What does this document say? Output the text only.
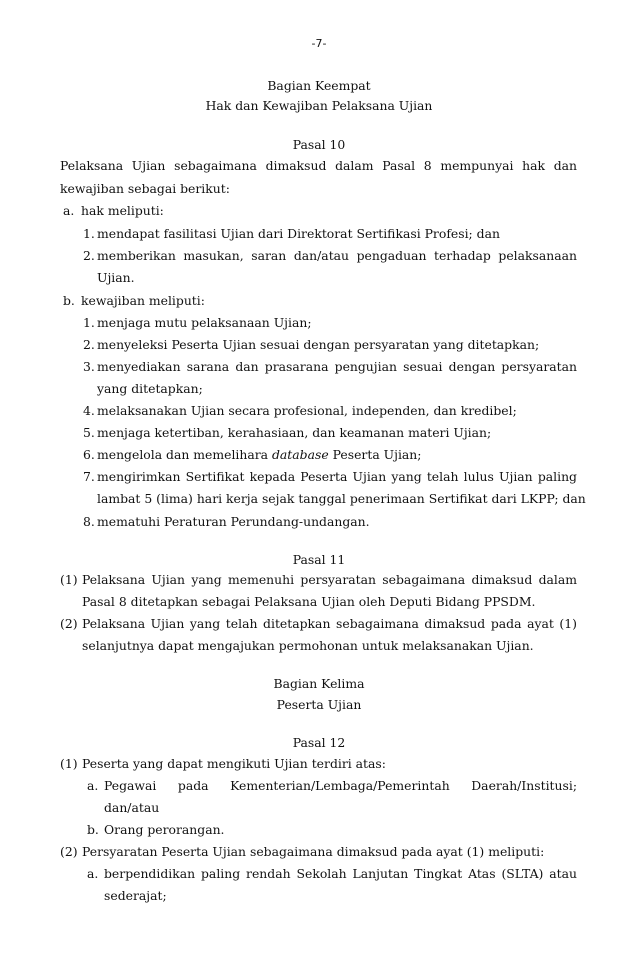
-7-
Bagian Keempat
Hak dan Kewajiban Pelaksana Ujian
Pasal 10
Pelaksana Ujian sebagaimana dimaksud dalam Pasal 8 mempunyai hak dan
kewajiban sebagai berikut:
a. hak meliputi:
1. mendapat fasilitasi Ujian dari Direktorat Sertifikasi Profesi; dan
2. memberikan masukan, saran dan/atau pengaduan terhadap pelaksanaan
Ujian.
b. kewajiban meliputi:
1. menjaga mutu pelaksanaan Ujian;
2. menyeleksi Peserta Ujian sesuai dengan persyaratan yang ditetapkan;
3. menyediakan sarana dan prasarana pengujian sesuai dengan persyaratan
yang ditetapkan;
4. melaksanakan Ujian secara profesional, independen, dan kredibel;
5. menjaga ketertiban, kerahasiaan, dan keamanan materi Ujian;
6. mengelola dan memelihara database Peserta Ujian;
7. mengirimkan Sertifikat kepada Peserta Ujian yang telah lulus Ujian paling
lambat 5 (lima) hari kerja sejak tanggal penerimaan Sertifikat dari LKPP; dan
8. mematuhi Peraturan Perundang-undangan.
Pasal 11
(1) Pelaksana Ujian yang memenuhi persyaratan sebagaimana dimaksud dalam
Pasal 8 ditetapkan sebagai Pelaksana Ujian oleh Deputi Bidang PPSDM.
(2) Pelaksana Ujian yang telah ditetapkan sebagaimana dimaksud pada ayat (1)
selanjutnya dapat mengajukan permohonan untuk melaksanakan Ujian.
Bagian Kelima
Peserta Ujian
Pasal 12
(1) Peserta yang dapat mengikuti Ujian terdiri atas:
a. Pegawai pada Kementerian/Lembaga/Pemerintah Daerah/Institusi;
dan/atau
b. Orang perorangan.
(2) Persyaratan Peserta Ujian sebagaimana dimaksud pada ayat (1) meliputi:
a. berpendidikan paling rendah Sekolah Lanjutan Tingkat Atas (SLTA) atau
sederajat;
